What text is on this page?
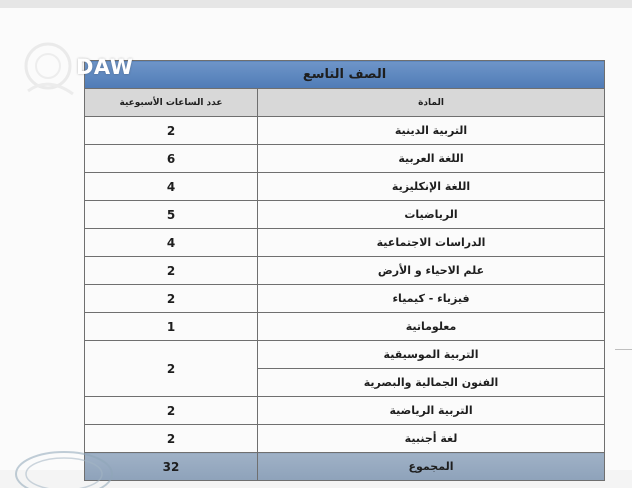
DAW	الصف التاسع	
المادة	عدد الساعات الأسبوعية
التربية الدينية	2
اللغة العربية	6
اللغة الإنكليزية	4
الرياضيات	5
الدراسات الاجتماعية	4
علم الاحياء و الأرض	2
فيزياء - كيمياء	2
معلوماتية	1
التربية الموسيقية	2
الفنون الجمالية والبصرية	
التربية الرياضية	2
لغة أجنبية	2
المجموع	32
